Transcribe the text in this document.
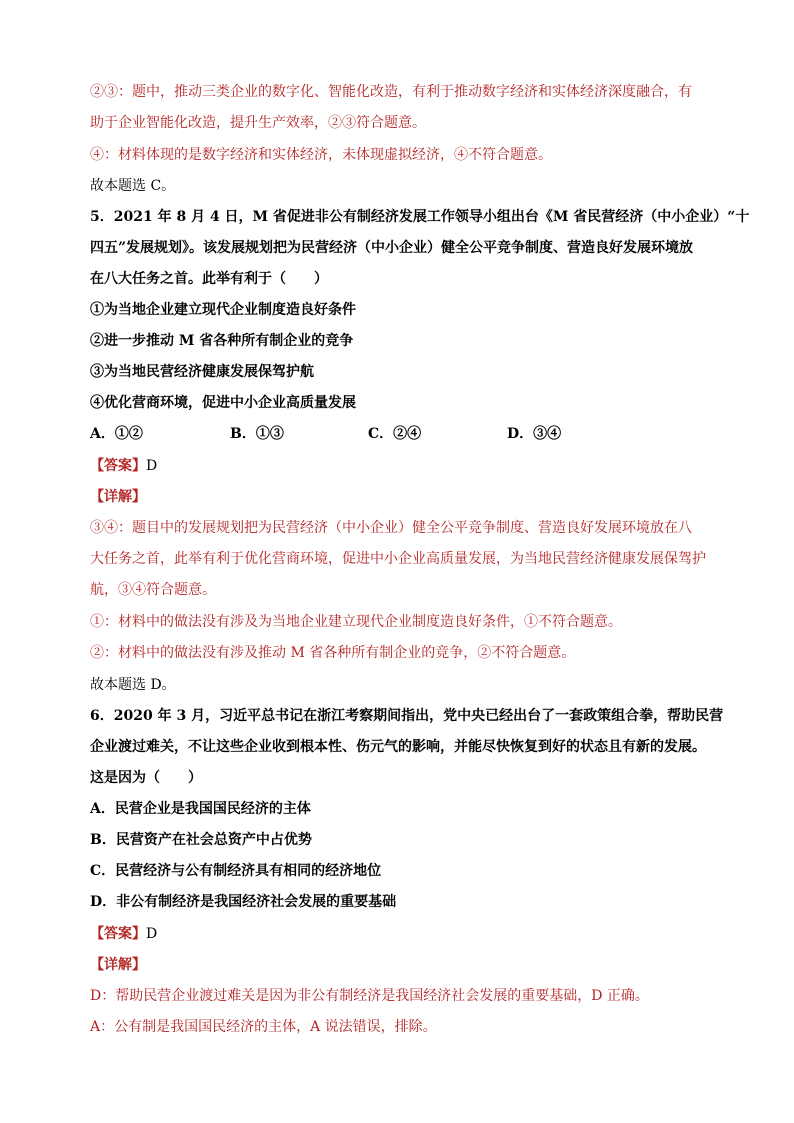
②③：题中，推动三类企业的数字化、智能化改造，有利于推动数字经济和实体经济深度融合，有
助于企业智能化改造，提升生产效率，②③符合题意。
④：材料体现的是数字经济和实体经济，未体现虚拟经济，④不符合题意。
故本题选 C。
5．2021 年 8 月 4 日，M 省促进非公有制经济发展工作领导小组出台《M 省民营经济（中小企业）“十
四五”发展规划》。该发展规划把为民营经济（中小企业）健全公平竞争制度、营造良好发展环境放
在八大任务之首。此举有利于（　　）
①为当地企业建立现代企业制度造良好条件
②进一步推动 M 省各种所有制企业的竞争
③为当地民营经济健康发展保驾护航
④优化营商环境，促进中小企业高质量发展
A．①②	B．①③	C．②④	D．③④
【答案】D
【详解】
③④：题目中的发展规划把为民营经济（中小企业）健全公平竞争制度、营造良好发展环境放在八
大任务之首，此举有利于优化营商环境，促进中小企业高质量发展，为当地民营经济健康发展保驾护
航，③④符合题意。
①：材料中的做法没有涉及为当地企业建立现代企业制度造良好条件，①不符合题意。
②：材料中的做法没有涉及推动 M 省各种所有制企业的竞争，②不符合题意。
故本题选 D。
6．2020 年 3 月，习近平总书记在浙江考察期间指出，党中央已经出台了一套政策组合拳，帮助民营
企业渡过难关，不让这些企业收到根本性、伤元气的影响，并能尽快恢复到好的状态且有新的发展。
这是因为（　　）
A．民营企业是我国国民经济的主体
B．民营资产在社会总资产中占优势
C．民营经济与公有制经济具有相同的经济地位
D．非公有制经济是我国经济社会发展的重要基础
【答案】D
【详解】
D：帮助民营企业渡过难关是因为非公有制经济是我国经济社会发展的重要基础，D 正确。
A：公有制是我国国民经济的主体，A 说法错误，排除。
